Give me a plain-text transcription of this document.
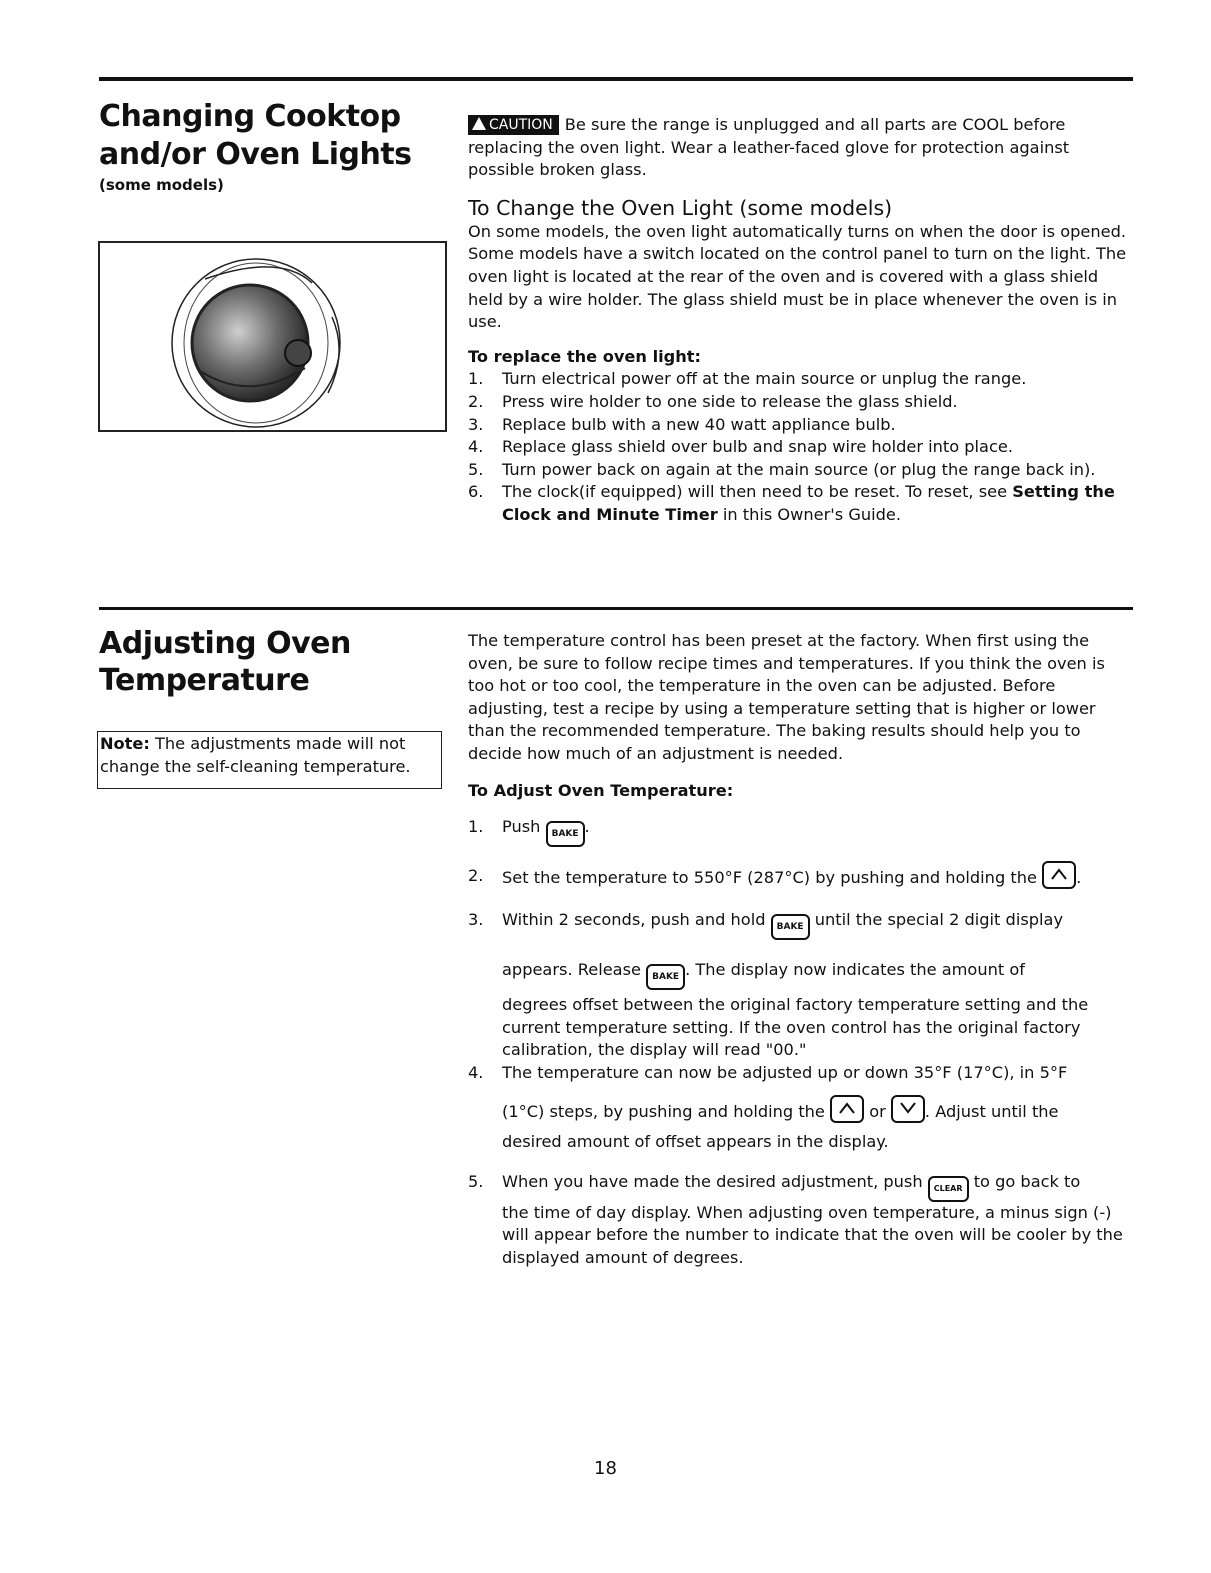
Changing Cooktop
and/or Oven Lights
(some models)

CAUTION Be sure the range is unplugged and all parts are COOL before replacing the oven light. Wear a leather-faced glove for protection against possible broken glass.

To Change the Oven Light (some models)

On some models, the oven light automatically turns on when the door is opened. Some models have a switch located on the control panel to turn on the light. The oven light is located at the rear of the oven and is covered with a glass shield held by a wire holder. The glass shield must be in place whenever the oven is in use.

To replace the oven light:

1. Turn electrical power off at the main source or unplug the range.
2. Press wire holder to one side to release the glass shield.
3. Replace bulb with a new 40 watt appliance bulb.
4. Replace glass shield over bulb and snap wire holder into place.
5. Turn power back on again at the main source (or plug the range back in).
6. The clock(if equipped) will then need to be reset. To reset, see Setting the Clock and Minute Timer in this Owner's Guide.
Adjusting Oven
Temperature
Note: The adjustments made will not change the self-cleaning temperature.

The temperature control has been preset at the factory. When first using the oven, be sure to follow recipe times and temperatures. If you think the oven is too hot or too cool, the temperature in the oven can be adjusted. Before adjusting, test a recipe by using a temperature setting that is higher or lower than the recommended temperature. The baking results should help you to decide how much of an adjustment is needed.

To Adjust Oven Temperature:

1. Push BAKE .
2. Set the temperature to 550°F (287°C) by pushing and holding the
.
3. Within 2 seconds, push and hold BAKE until the special 2 digit display
appears. Release BAKE . The display now indicates the amount of
degrees offset between the original factory temperature setting and the current temperature setting. If the oven control has the original factory calibration, the display will read "00."
4. The temperature can now be adjusted up or down 35°F (17°C), in 5°F
(1°C) steps, by pushing and holding the
or
. Adjust until the
desired amount of offset appears in the display.
5. When you have made the desired adjustment, push CLEAR to go back to
the time of day display. When adjusting oven temperature, a minus sign (-) will appear before the number to indicate that the oven will be cooler by the displayed amount of degrees.
18
